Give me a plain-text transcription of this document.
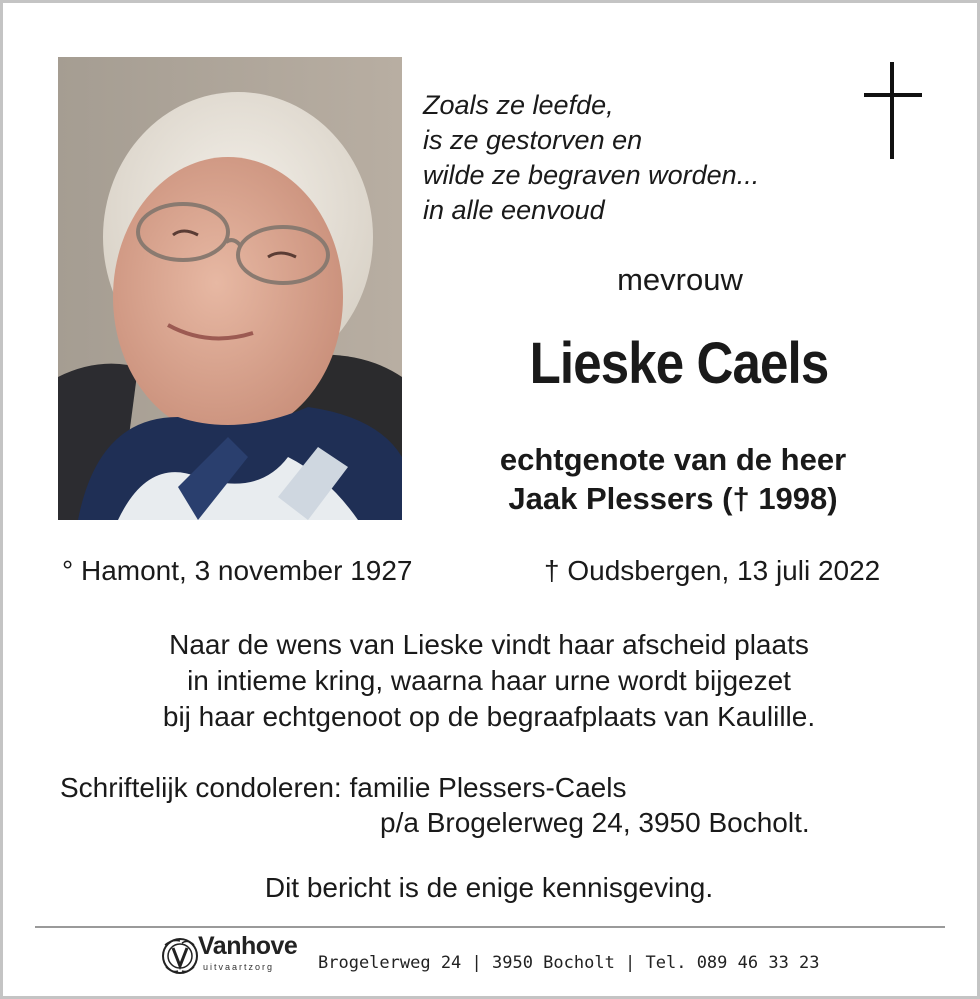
Zoals ze leefde,
is ze gestorven en
wilde ze begraven worden...
in alle eenvoud
mevrouw
Lieske Caels
echtgenote van de heer
Jaak Plessers († 1998)
° Hamont, 3 november 1927	† Oudsbergen, 13 juli 2022
Naar de wens van Lieske vindt haar afscheid plaats
in intieme kring, waarna haar urne wordt bijgezet
bij haar echtgenoot op de begraafplaats van Kaulille.
Schriftelijk condoleren: familie Plessers-Caels
p/a Brogelerweg 24, 3950 Bocholt.
Dit bericht is de enige kennisgeving.
Vanhove
uitvaartzorg	Brogelerweg 24 | 3950 Bocholt | Tel. 089 46 33 23
